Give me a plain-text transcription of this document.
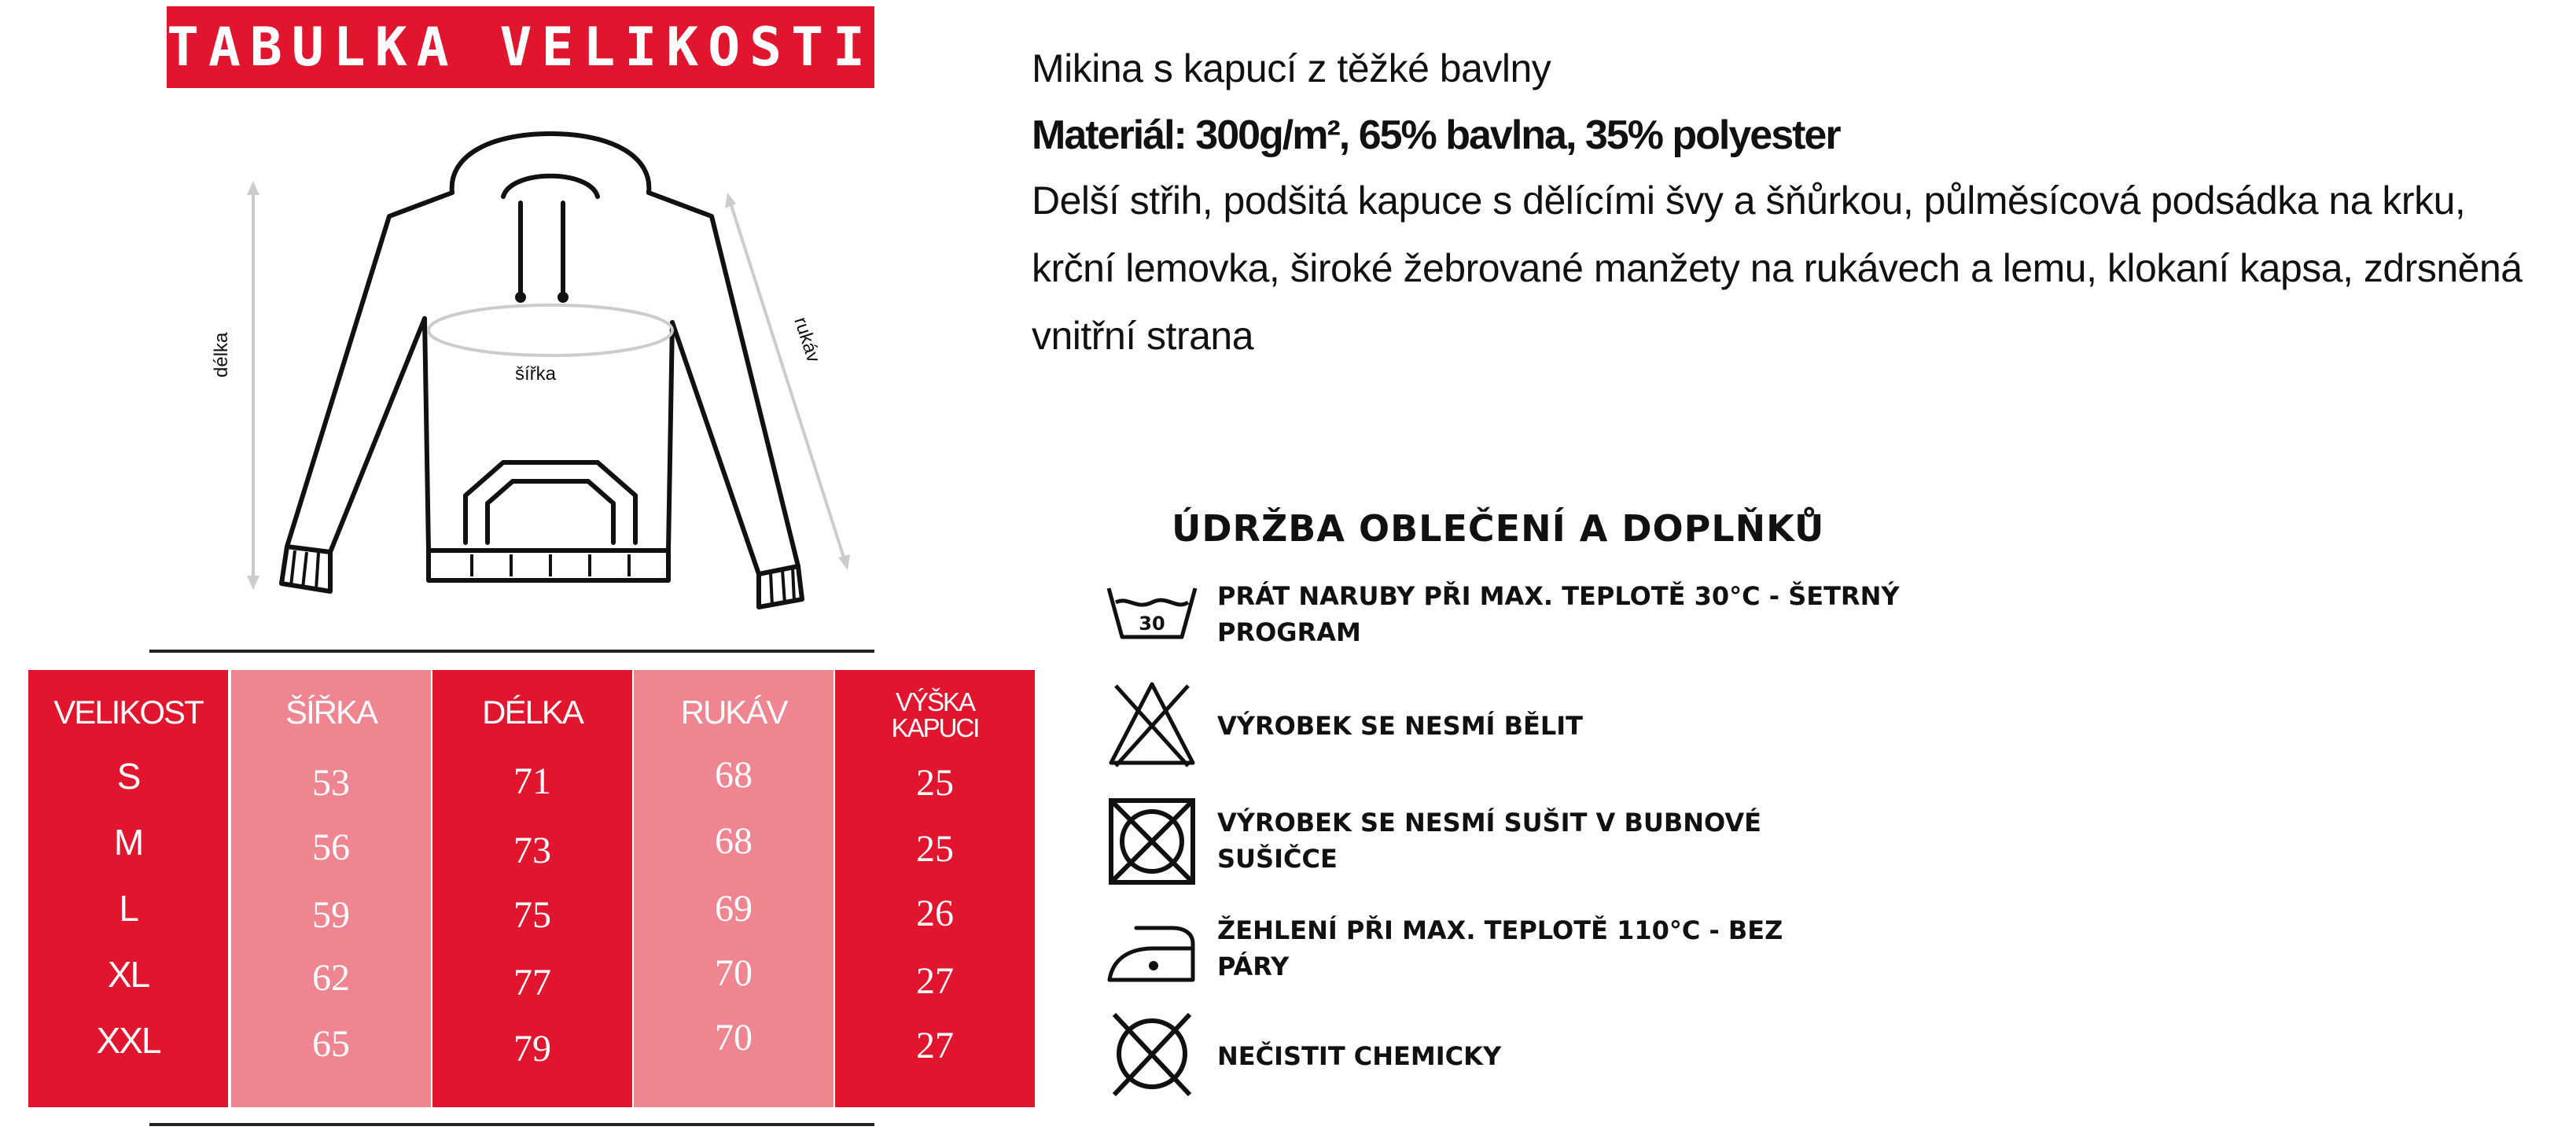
TABULKA VELIKOSTI
šířka
délka	rukáv
VELIKOST
S
M
L
XL
XXL
ŠÍŘKA
53
56
59
62
65
DÉLKA
71
73
75
77
79
RUKÁV
68
68
69
70
70
VÝŠKA
KAPUCI
25
25
26
27
27
Mikina s kapucí z těžké bavlny
Materiál: 300g/m², 65% bavlna, 35% polyester
Delší střih, podšitá kapuce s dělícími švy a šňůrkou, půlměsícová podsádka na krku,
krční lemovka, široké žebrované manžety na rukávech a lemu, klokaní kapsa, zdrsněná
vnitřní strana
ÚDRŽBA OBLEČENÍ A DOPLŇKŮ
30
PRÁT NARUBY PŘI MAX. TEPLOTĚ 30°C - ŠETRNÝ
PROGRAM
VÝROBEK SE NESMÍ BĚLIT
VÝROBEK SE NESMÍ SUŠIT V BUBNOVÉ
SUŠIČCE
ŽEHLENÍ PŘI MAX. TEPLOTĚ 110°C - BEZ
PÁRY
NEČISTIT CHEMICKY
